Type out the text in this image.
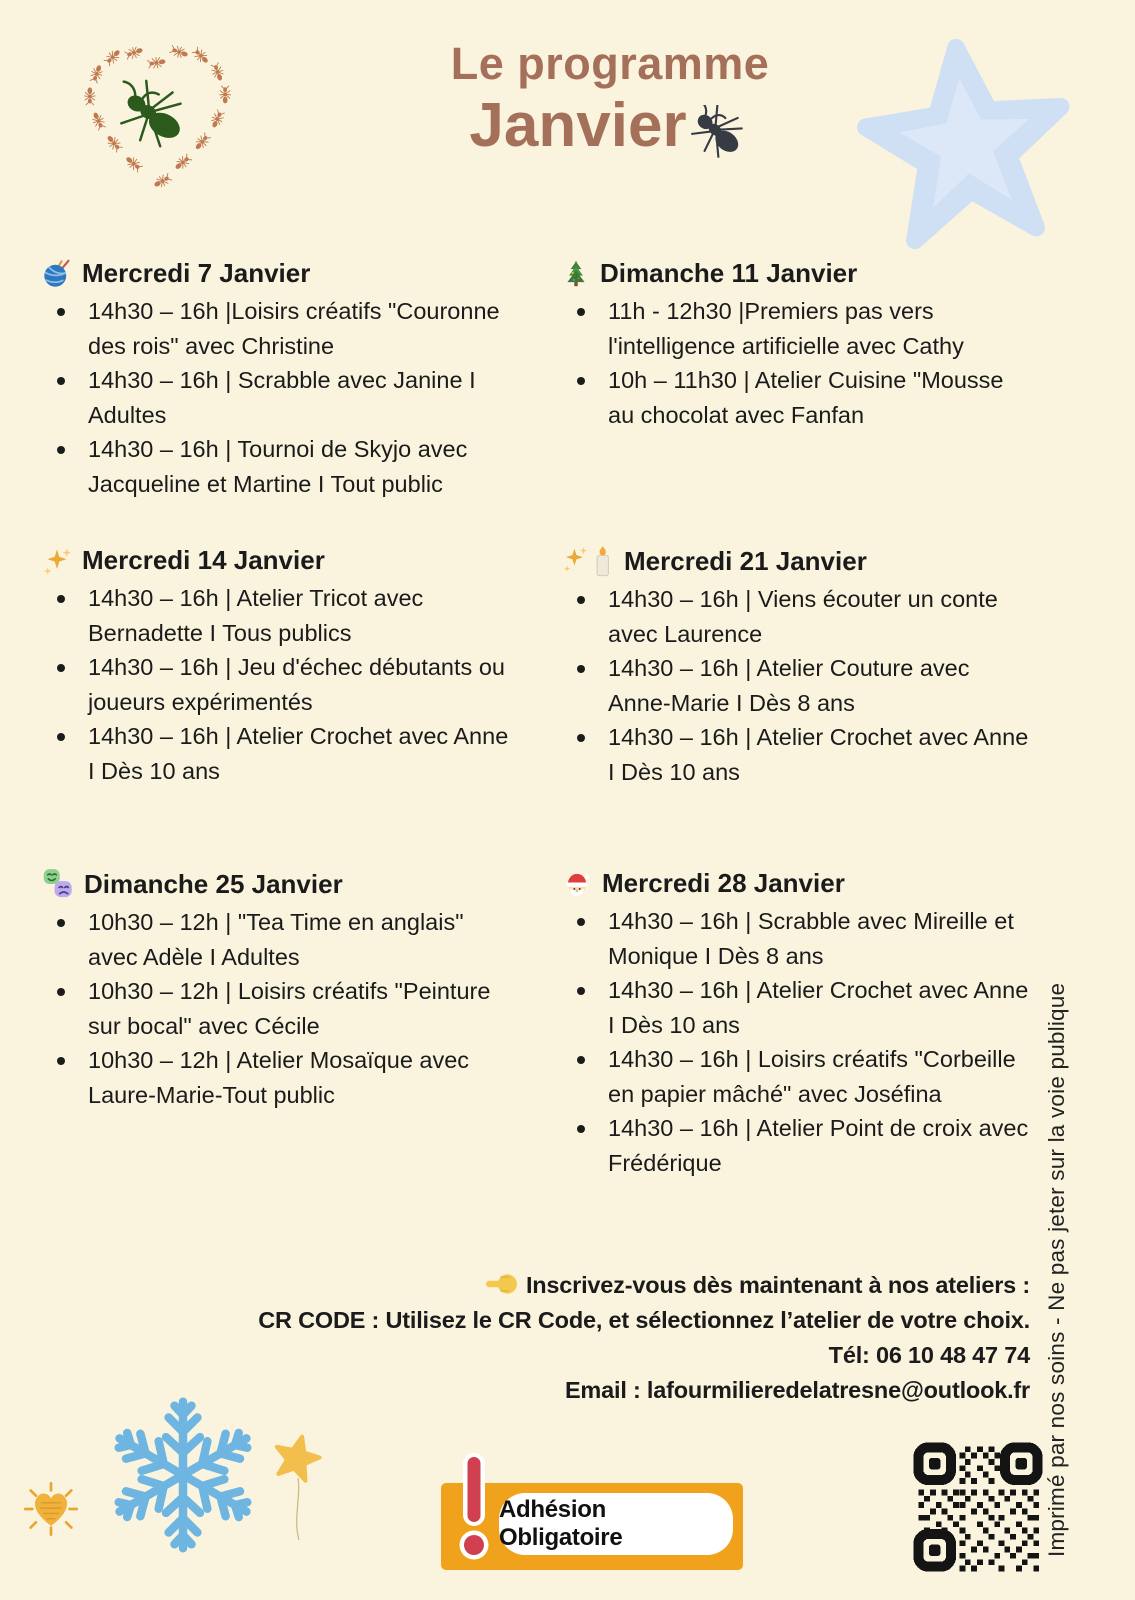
Le programme
Janvier
Mercredi 7 Janvier
14h30 – 16h |Loisirs créatifs "Couronne des rois" avec Christine
14h30 – 16h | Scrabble avec Janine I Adultes
14h30 – 16h | Tournoi de Skyjo avec Jacqueline et Martine I Tout public
Dimanche 11 Janvier
11h - 12h30 |Premiers pas vers l'intelligence artificielle avec Cathy
10h – 11h30 | Atelier Cuisine "Mousse au chocolat avec Fanfan
Mercredi 14 Janvier
14h30 – 16h | Atelier Tricot avec Bernadette I Tous publics
14h30 – 16h | Jeu d'échec débutants ou joueurs expérimentés
14h30 – 16h | Atelier Crochet avec Anne I Dès 10 ans
Mercredi 21 Janvier
14h30 – 16h | Viens écouter un conte avec Laurence
14h30 – 16h | Atelier Couture avec Anne-Marie I Dès 8 ans
14h30 – 16h | Atelier Crochet avec Anne I Dès 10 ans
Dimanche 25 Janvier
10h30 – 12h | "Tea Time en anglais" avec Adèle I Adultes
10h30 – 12h | Loisirs créatifs "Peinture sur bocal" avec Cécile
10h30 – 12h | Atelier Mosaïque avec Laure-Marie-Tout public
Mercredi 28 Janvier
14h30 – 16h | Scrabble avec Mireille et Monique I Dès 8 ans
14h30 – 16h | Atelier Crochet avec Anne I Dès 10 ans
14h30 – 16h | Loisirs créatifs "Corbeille en papier mâché" avec Joséfina
14h30 – 16h | Atelier Point de croix avec Frédérique
Inscrivez-vous dès maintenant à nos ateliers :
CR CODE : Utilisez le CR Code, et sélectionnez l’atelier de votre choix.
Tél: 06 10 48 47 74
Email : lafourmilieredelatresne@outlook.fr
Adhésion Obligatoire	Imprimé par nos soins - Ne pas jeter sur la voie publique
